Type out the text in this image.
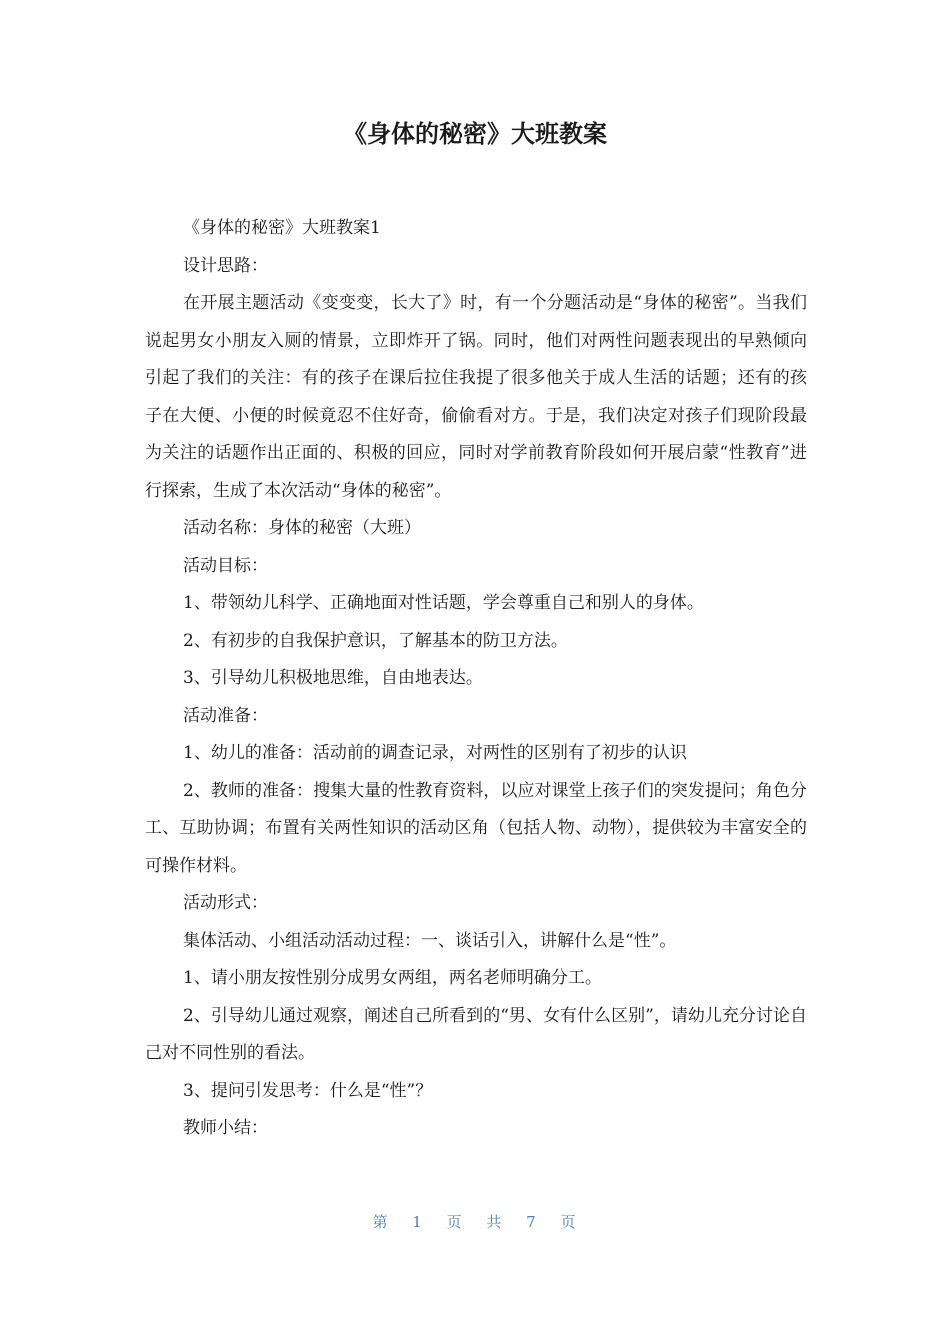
《身体的秘密》大班教案

《身体的秘密》大班教案1

设计思路：

在开展主题活动《变变变，长大了》时，有一个分题活动是“身体的秘密”。当我们说起男女小朋友入厕的情景，立即炸开了锅。同时，他们对两性问题表现出的早熟倾向引起了我们的关注：有的孩子在课后拉住我提了很多他关于成人生活的话题；还有的孩子在大便、小便的时候竟忍不住好奇，偷偷看对方。于是，我们决定对孩子们现阶段最为关注的话题作出正面的、积极的回应，同时对学前教育阶段如何开展启蒙“性教育”进行探索，生成了本次活动“身体的秘密”。

活动名称：身体的秘密（大班）

活动目标：

1、带领幼儿科学、正确地面对性话题，学会尊重自己和别人的身体。

2、有初步的自我保护意识，了解基本的防卫方法。

3、引导幼儿积极地思维，自由地表达。

活动准备：

1、幼儿的准备：活动前的调查记录，对两性的区别有了初步的认识

2、教师的准备：搜集大量的性教育资料，以应对课堂上孩子们的突发提问；角色分工、互助协调；布置有关两性知识的活动区角（包括人物、动物），提供较为丰富安全的可操作材料。

活动形式：

集体活动、小组活动活动过程：一、谈话引入，讲解什么是“性”。

1、请小朋友按性别分成男女两组，两名老师明确分工。

2、引导幼儿通过观察，阐述自己所看到的“男、女有什么区别”，请幼儿充分讨论自己对不同性别的看法。

3、提问引发思考：什么是“性”？

教师小结：

第 1 页 共 7 页
